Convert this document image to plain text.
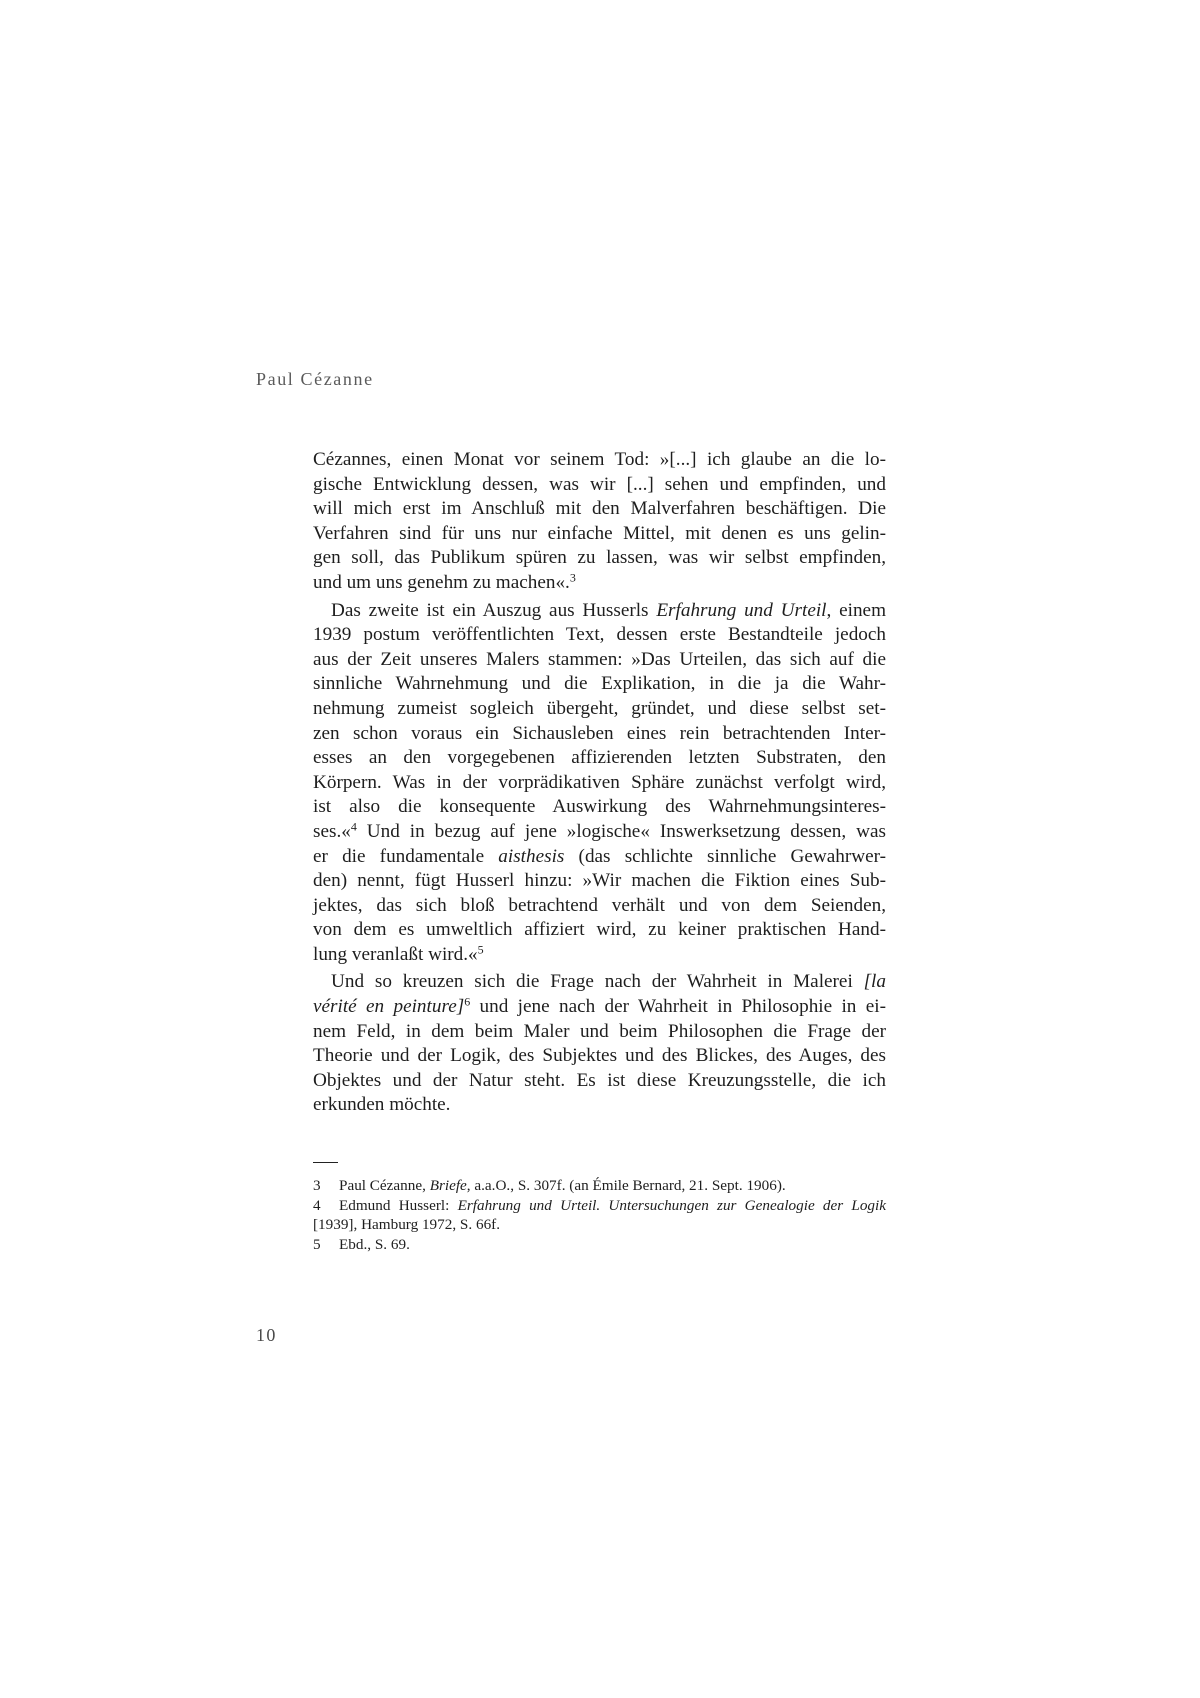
Paul Cézanne
Cézannes, einen Monat vor seinem Tod: »[...] ich glaube an die lo-
gische Entwicklung dessen, was wir [...] sehen und empfinden, und
will mich erst im Anschluß mit den Malverfahren beschäftigen. Die
Verfahren sind für uns nur einfache Mittel, mit denen es uns gelin-
gen soll, das Publikum spüren zu lassen, was wir selbst empfinden,
und um uns genehm zu machen«.$^3$
Das zweite ist ein Auszug aus Husserls Erfahrung und Urteil, einem
1939 postum veröffentlichten Text, dessen erste Bestandteile jedoch
aus der Zeit unseres Malers stammen: »Das Urteilen, das sich auf die
sinnliche Wahrnehmung und die Explikation, in die ja die Wahr-
nehmung zumeist sogleich übergeht, gründet, und diese selbst set-
zen schon voraus ein Sichausleben eines rein betrachtenden Inter-
esses an den vorgegebenen affizierenden letzten Substraten, den
Körpern. Was in der vorprädikativen Sphäre zunächst verfolgt wird,
ist also die konsequente Auswirkung des Wahrnehmungsinteres-
ses.«$^4$ Und in bezug auf jene »logische« Inswerksetzung dessen, was
er die fundamentale aisthesis (das schlichte sinnliche Gewahrwer-
den) nennt, fügt Husserl hinzu: »Wir machen die Fiktion eines Sub-
jektes, das sich bloß betrachtend verhält und von dem Seienden,
von dem es umweltlich affiziert wird, zu keiner praktischen Hand-
lung veranlaßt wird.«$^5$
Und so kreuzen sich die Frage nach der Wahrheit in Malerei [la
vérité en peinture]$^6$ und jene nach der Wahrheit in Philosophie in ei-
nem Feld, in dem beim Maler und beim Philosophen die Frage der
Theorie und der Logik, des Subjektes und des Blickes, des Auges, des
Objektes und der Natur steht. Es ist diese Kreuzungsstelle, die ich
erkunden möchte.
3 Paul Cézanne, Briefe, a.a.O., S. 307f. (an Émile Bernard, 21. Sept. 1906).
4 Edmund Husserl: Erfahrung und Urteil. Untersuchungen zur Genealogie der Logik
[1939], Hamburg 1972, S. 66f.
5 Ebd., S. 69.
10
